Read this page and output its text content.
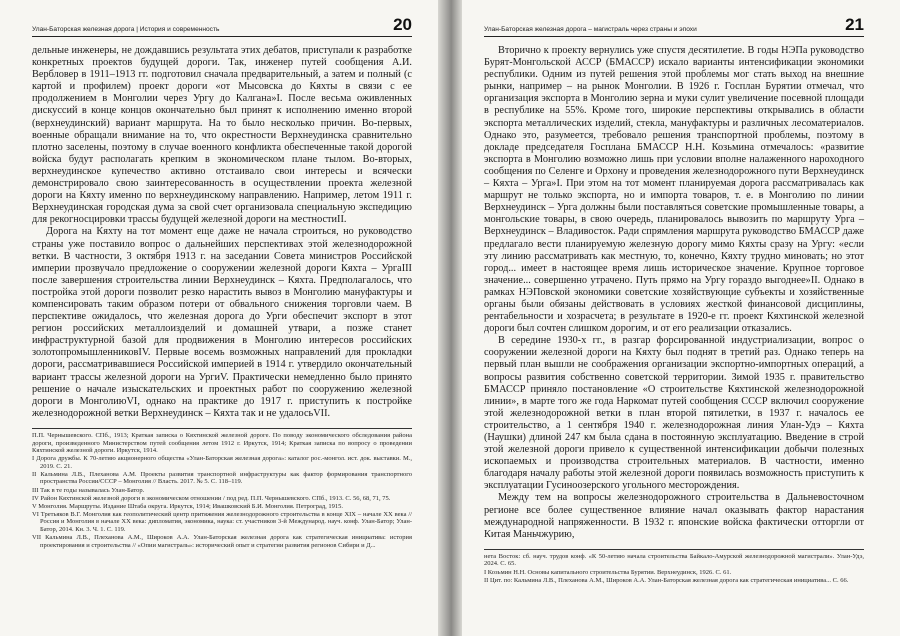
Улан-Баторская железная дорога | История и современность	20

дельные инженеры, не дождавшись результата этих дебатов, приступали к разработке конкретных проектов будущей дороги. Так, инженер путей сообщения А.И. Вербловер в 1911–1913 гг. подготовил сначала предварительный, а затем и полный (с картой и профилем) проект дороги «от Мысовска до Кяхты в связи с ее продолжением в Монголии через Ургу до Калгана»I. После весьма оживленных дискуссий в конце концов окончательно был принят к исполнению именно второй (верхнеудинский) вариант маршрута. На то было несколько причин. Во-первых, военные обращали внимание на то, что окрестности Верхнеудинска сравнительно плотно заселены, поэтому в случае военного конфликта обеспеченные такой дорогой войска будут располагать крепким в экономическом плане тылом. Во-вторых, верхнеудинское купечество активно отстаивало свои интересы и всячески демонстрировало свою заинтересованность в осуществлении проекта железной дороги на Кяхту именно по верхнеудинскому направлению. Например, летом 1911 г. Верхнеудинская городская дума за свой счет организовала специальную экспедицию для рекогносцировки трассы будущей железной дороги на местностиII.

Дорога на Кяхту на тот момент еще даже не начала строиться, но руководство страны уже поставило вопрос о дальнейших перспективах этой железнодорожной ветки. В частности, 3 октября 1913 г. на заседании Совета министров Российской империи прозвучало предложение о сооружении железной дороги Кяхта – УргаIII после завершения строительства линии Верхнеудинск – Кяхта. Предполагалось, что постройка этой дороги позволит резко нарастить вывоз в Монголию мануфактуры и компенсировать таким образом потери от обвального снижения торговли чаем. В перспективе ожидалось, что железная дорога до Урги обеспечит экспорт в этот регион российских металлоизделий и домашней утвари, а позже станет инфраструктурной базой для продвижения в Монголию интересов российских золотопромышленниковIV. Первые восемь возможных направлений для прокладки дороги, рассматривавшиеся Российской империей в 1914 г. утвердило окончательный вариант трассы железной дороги на УргиV. Практически немедленно было принято решение о начале изыскательских и проектных работ по сооружению железной дороги в МонголиюVI, однако на практике до 1917 г. приступить к постройке железнодорожной ветки Верхнеудинск – Кяхта так и не удалосьVII.

П.П. Чернышевского. СПб., 1913; Краткая записка о Кяхтинской железной дороге. По поводу экономического обследования района дороги, произведенного Министерством путей сообщения летом 1912 г. Иркутск, 1914; Краткая записка по вопросу о проведении Кяхтинской железной дороги. Иркутск, 1914.

I Дорога дружбы. К 70-летию акционерного общества «Улан-Баторская железная дорога»: каталог рос.-монгол. ист. док. выставки. М., 2019. С. 21.

II Кальмина Л.В., Плеханова А.М. Проекты развития транспортной инфраструктуры как фактор формирования транспортного пространства России/СССР – Монголия // Власть. 2017. № 5. С. 118–119.

III Так в те годы называлась Улан-Батор.

IV Район Кяхтинской железной дороги в экономическом отношении / под ред. П.П. Чернышевского. СПб., 1913. С. 56, 68, 71, 75.

V Монголия. Маршруты. Издание Штаба округа. Иркутск, 1914; Ивашковский Б.И. Монголия. Петроград, 1915.

VI Третьяков В.Г. Монголия как геополитический центр притяжения железнодорожного строительства в конце XIX – начале XX века // Россия и Монголия в начале XX века: дипломатия, экономика, наука: ст. участников 3-й Международ. науч. конф. Улан-Батор; Улан-Батор, 2014. Кн. 3. Ч. 1. С. 119.

VII Кальмина Л.В., Плеханова А.М., Широков А.А. Улан-Баторская железная дорога как стратегическая инициатива: история проектирования и строительства // «Опии магистраль»: исторический опыт и стратегии развития регионов Сибири и Д...

Улан-Баторская железная дорога – магистраль через страны и эпохи	21

Вторично к проекту вернулись уже спустя десятилетие. В годы НЭПа руководство Бурят-Монгольской АССР (БМАССР) искало варианты интенсификации экономики республики. Одним из путей решения этой проблемы мог стать выход на внешние рынки, например – на рынок Монголии. В 1926 г. Госплан Бурятии отмечал, что организация экспорта в Монголию зерна и муки сулит увеличение посевной площади в республике на 55%. Кроме того, широкие перспективы открывались в области экспорта металлических изделий, стекла, мануфактуры и различных лесоматериалов. Однако это, разумеется, требовало решения транспортной проблемы, поэтому в докладе председателя Госплана БМАССР Н.Н. Козьмина отмечалось: «развитие экспорта в Монголию возможно лишь при условии вполне налаженного нароходного сообщения по Селенге и Орхону и проведения железнодорожного пути Верхнеудинск – Кяхта – Урга»I. При этом на тот момент планируемая дорога рассматривалась как маршрут не только экспорта, но и импорта товаров, т. е. в Монголию по линии Верхнеудинск – Урга должны были поставляться советские промышленные товары, а монгольские товары, в свою очередь, планировалось вывозить по маршруту Урга – Верхнеудинск – Владивосток. Ради спрямления маршрута руководство БМАССР даже предлагало вести планируемую железную дорогу мимо Кяхты сразу на Ургу: «если эту линию рассматривать как местную, то, конечно, Кяхту трудно миновать; но этот город... имеет в настоящее время лишь историческое значение. Крупное торговое значение... совершенно утрачено. Путь прямо на Ургу гораздо выгоднее»II. Однако в рамках НЭПовской экономики советские хозяйствующие субъекты и хозяйственные органы были обязаны действовать в условиях жесткой финансовой дисциплины, рентабельности и хозрасчета; в результате в 1920-е гг. проект Кяхтинской железной дороги был сочтен слишком дорогим, и от его реализации отказались.

В середине 1930-х гг., в разгар форсированной индустриализации, вопрос о сооружении железной дороги на Кяхту был поднят в третий раз. Однако теперь на первый план вышли не соображения организации экспортно-импортных операций, а вопросы развития собственно советской территории. Зимой 1935 г. правительство БМАССР приняло постановление «О строительстве Кяхтинской железнодорожной линии», в марте того же года Наркомат путей сообщения СССР включил сооружение этой железнодорожной ветки в план второй пятилетки, в 1937 г. началось ее строительство, а 1 сентября 1940 г. железнодорожная линия Улан-Удэ – Кяхта (Наушки) длиной 247 км была сдана в постоянную эксплуатацию. Введение в строй этой железной дороги привело к существенной интенсификации добычи полезных ископаемых и производства строительных материалов. В частности, именно благодаря началу работы этой железной дороги появилась возможность приступить к эксплуатации Гусиноозерского угольного месторождения.

Между тем на вопросы железнодорожного строительства в Дальневосточном регионе все более существенное влияние начал оказывать фактор нарастания международной напряженности. В 1932 г. японские войска фактически отторгли от Китая Маньчжурию,

нета Восток: сб. науч. трудов конф. «К 50-летию начала строительства Байкало-Амурской железнодорожной магистрали». Улан-Удэ, 2024. С. 65.

I Козьмин Н.Н. Основы капитального строительства Бурятии. Верхнеудинск, 1926. С. 61.

II Цит. по: Кальмина Л.В., Плеханова А.М., Широков А.А. Улан-Баторская железная дорога как стратегическая инициатива... С. 66.
